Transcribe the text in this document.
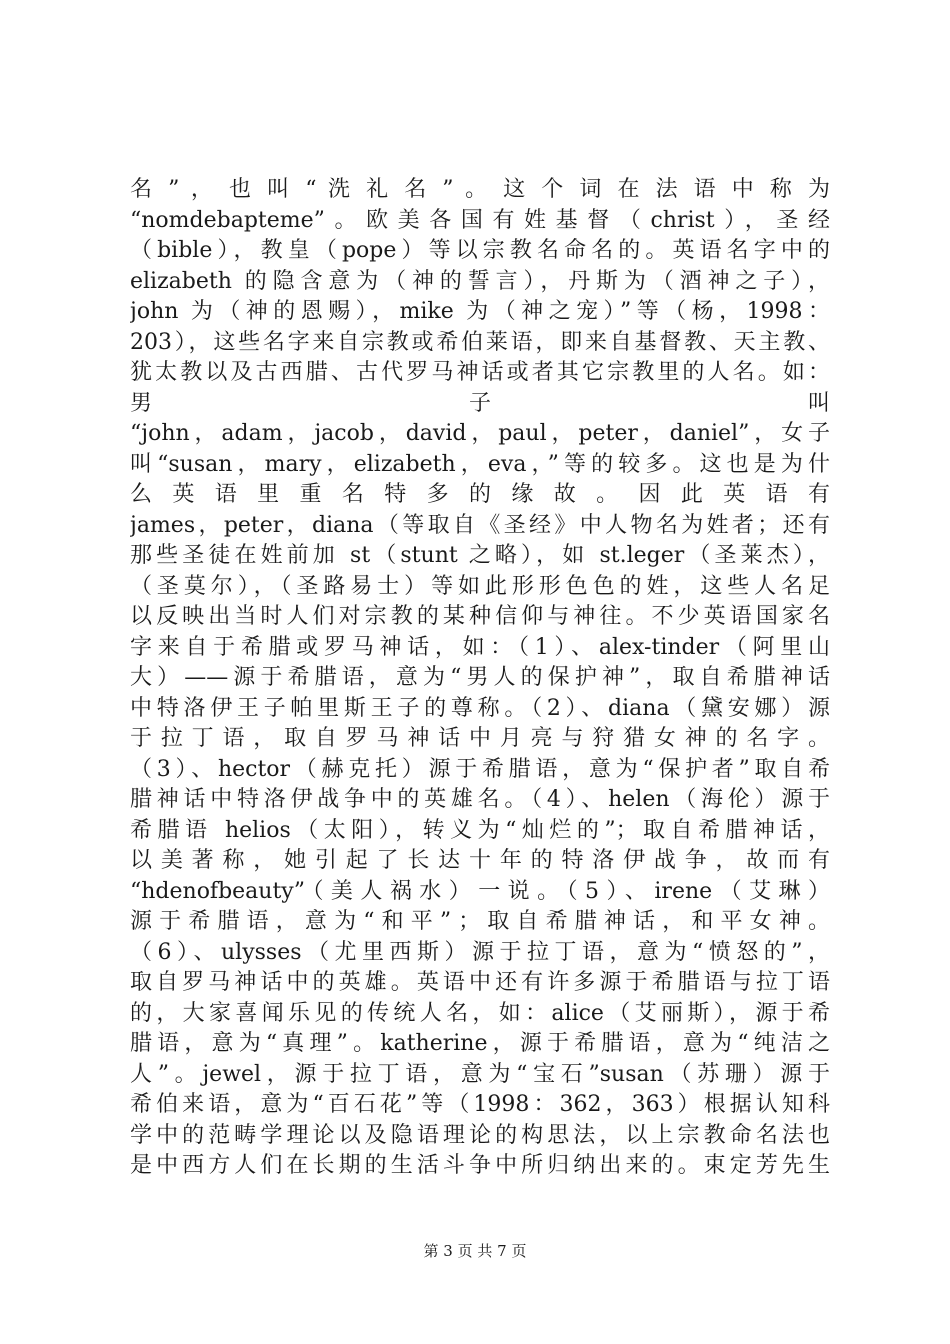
名 ” ， 也 叫 “ 洗 礼 名 ” 。 这 个 词 在 法 语 中 称 为
“nomdebapteme”。欧美各国有姓基督（christ），圣经
（bible），教皇（pope）等以宗教名命名的。英语名字中的
elizabeth 的隐含意为（神的誓言），丹斯为（酒神之子），
john 为（神的恩赐），mike 为（神之宠）”等（杨，1998：
203），这些名字来自宗教或希伯莱语，即来自基督教、天主教、
犹太教以及古西腊、古代罗马神话或者其它宗教里的人名。如：
男 子 叫
“john，adam，jacob，david，paul，peter，daniel”，女子
叫“susan，mary，elizabeth，eva，”等的较多。这也是为什
么 英 语 里 重 名 特 多 的 缘 故 。 因 此 英 语 有
james，peter，diana（等取自《圣经》中人物名为姓者；还有
那些圣徒在姓前加 st（stunt 之略），如 st.leger（圣莱杰），
（圣莫尔），（圣路易士）等如此形形色色的姓，这些人名足
以反映出当时人们对宗教的某种信仰与神往。不少英语国家名
字来自于希腊或罗马神话，如：（1）、alex-tinder（阿里山
大）——源于希腊语，意为“男人的保护神”，取自希腊神话
中特洛伊王子帕里斯王子的尊称。（2）、diana（黛安娜）源
于 拉 丁 语 ， 取 自 罗 马 神 话 中 月 亮 与 狩 猎 女 神 的 名 字 。
（3）、hector（赫克托）源于希腊语，意为“保护者”取自希
腊神话中特洛伊战争中的英雄名。（4）、helen（海伦）源于
希腊语 helios（太阳），转义为“灿烂的”；取自希腊神话，
以 美 著 称 ， 她 引 起 了 长 达 十 年 的 特 洛 伊 战 争 ， 故 而 有
“hdenofbeauty”（美人祸水）一说。（5）、irene（艾琳）
源 于 希 腊 语 ， 意 为 “ 和 平 ” ； 取 自 希 腊 神 话 ， 和 平 女 神 。
（6）、ulysses（尤里西斯）源于拉丁语，意为“愤怒的”，
取自罗马神话中的英雄。英语中还有许多源于希腊语与拉丁语
的，大家喜闻乐见的传统人名，如：alice（艾丽斯），源于希
腊语，意为“真理”。katherine，源于希腊语，意为“纯洁之
人”。jewel，源于拉丁语，意为“宝石”susan（苏珊）源于
希伯来语，意为“百石花”等（1998：362，363）根据认知科
学中的范畴学理论以及隐语理论的构思法，以上宗教命名法也
是中西方人们在长期的生活斗争中所归纳出来的。束定芳先生
第 3 页 共 7 页
